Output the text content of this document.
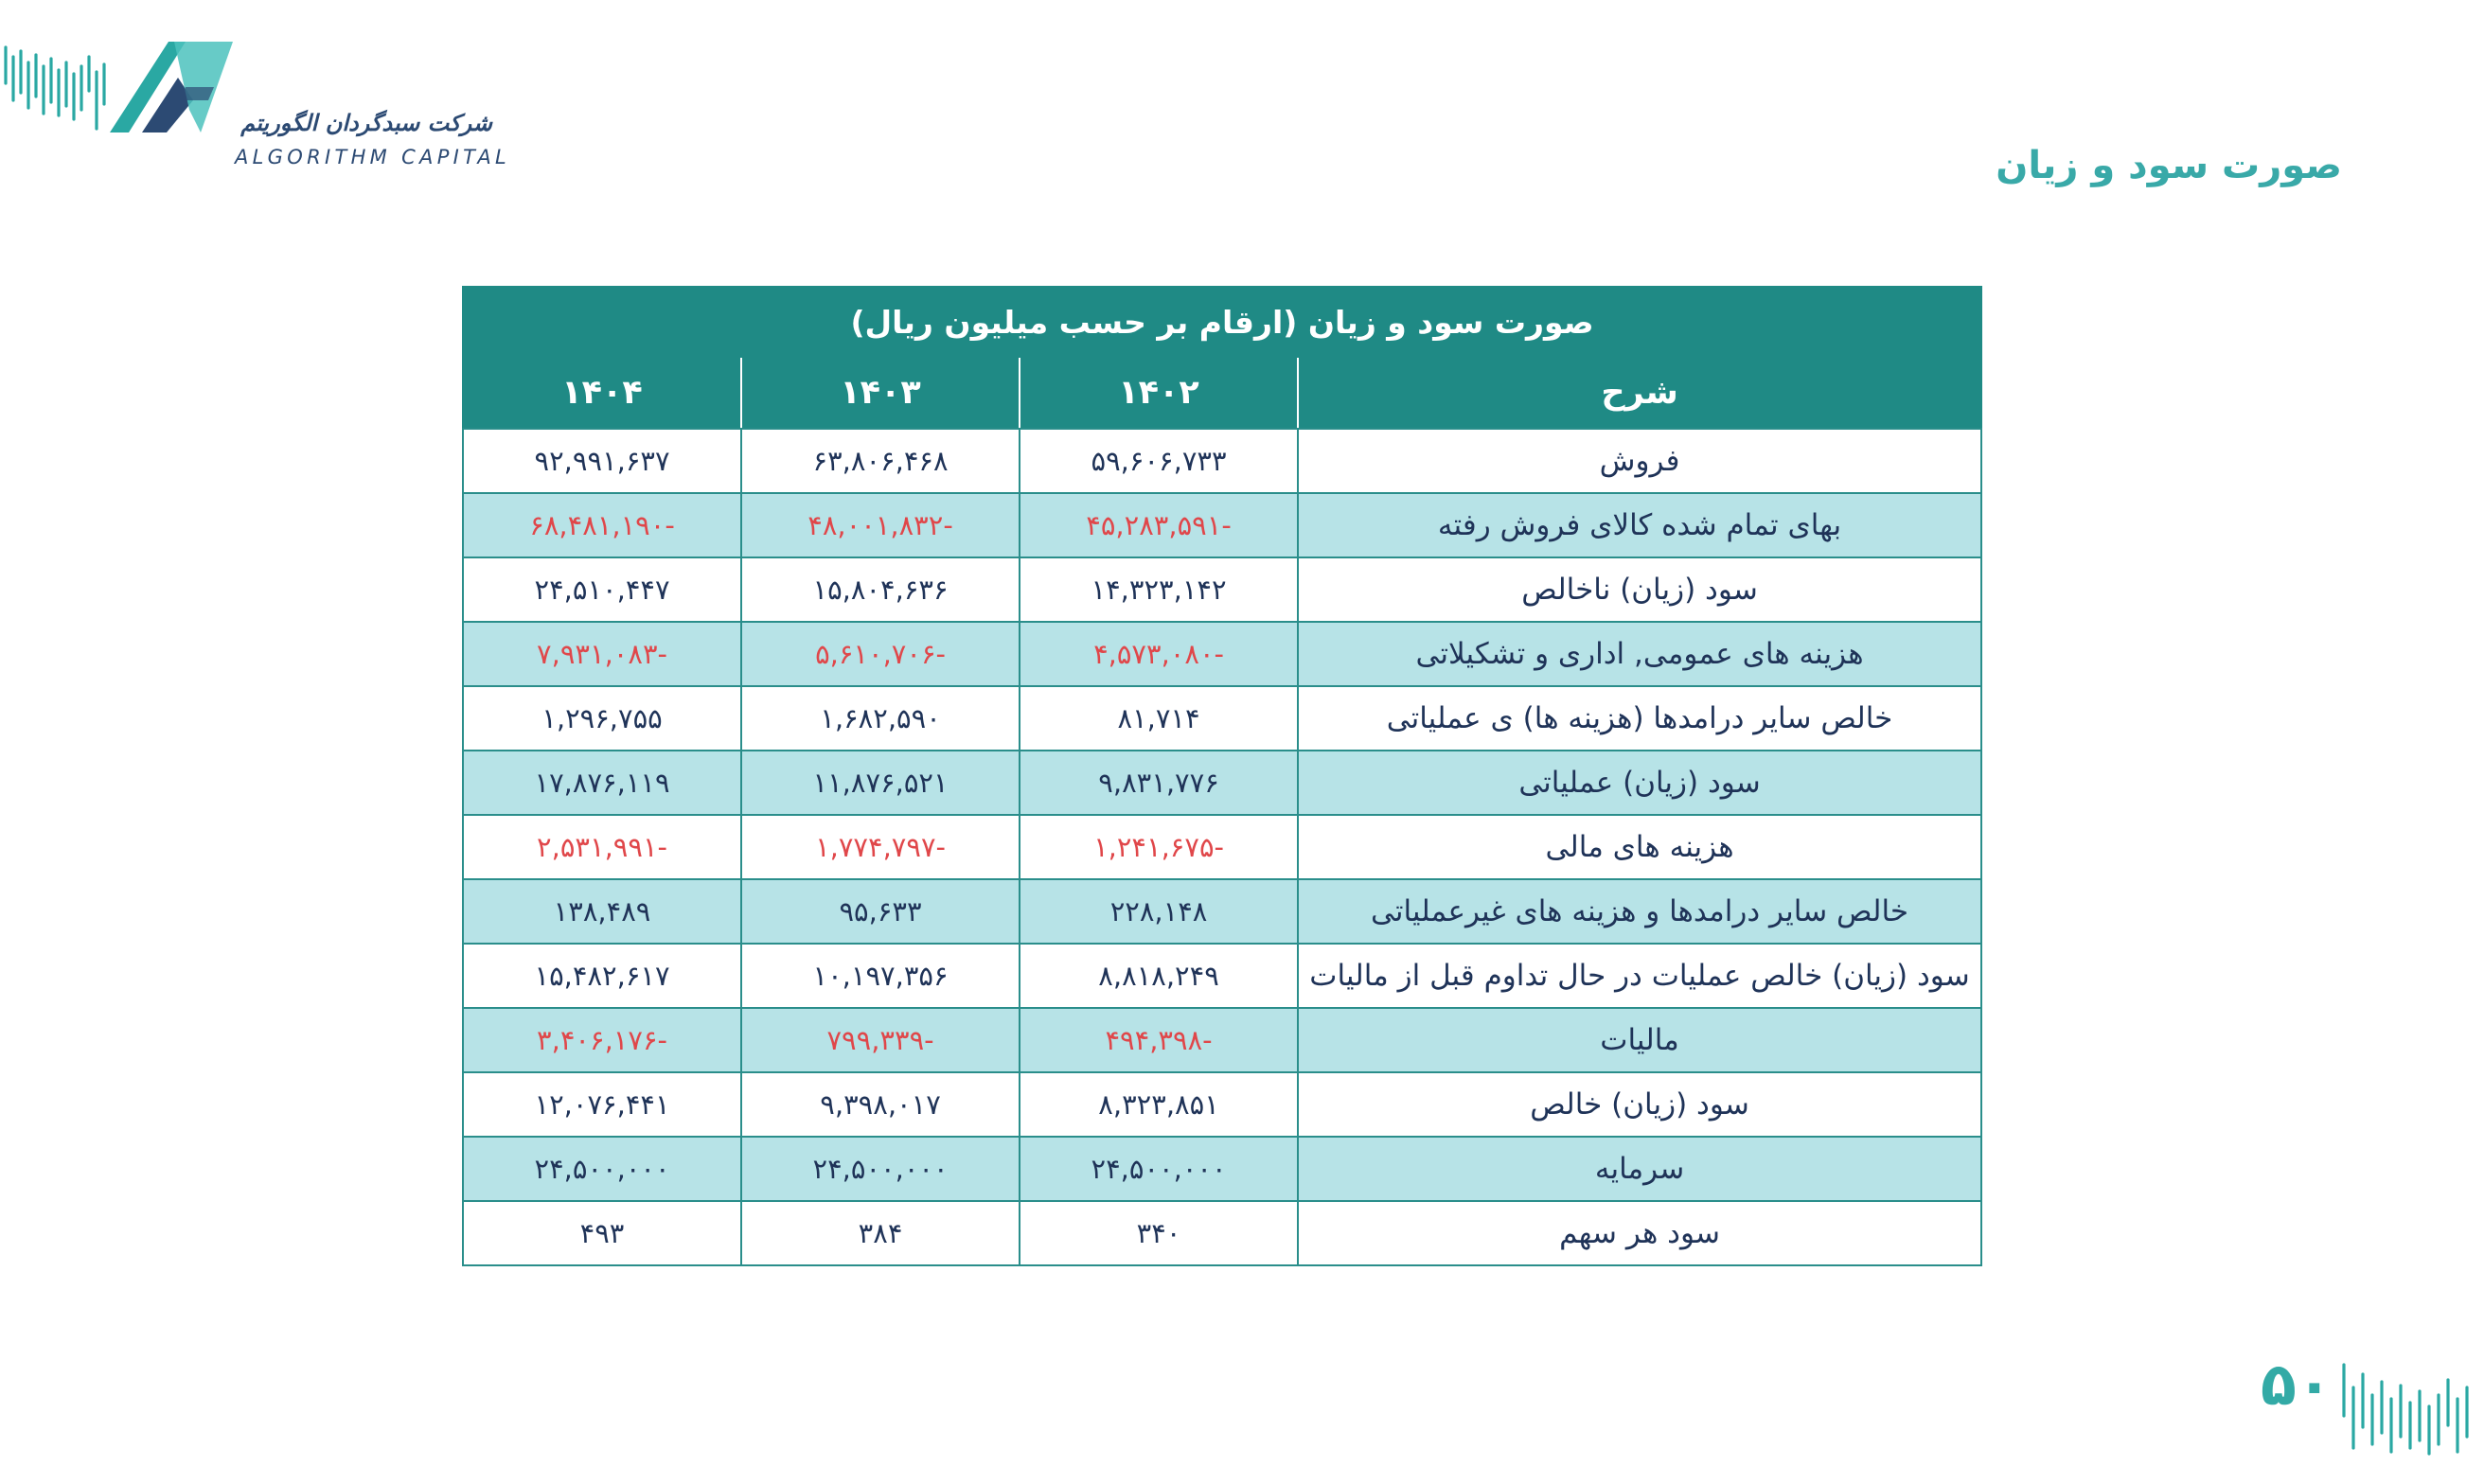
شرکت سبدگردان الگوریتم
ALGORITHM CAPITAL	صورت سود و زیان
صورت سود و زیان (ارقام بر حسب میلیون ریال)			
شرح	۱۴۰۲	۱۴۰۳	۱۴۰۴
فروش	۵۹,۶۰۶,۷۳۳	۶۳,۸۰۶,۴۶۸	۹۲,۹۹۱,۶۳۷
بهای تمام شده کالای فروش رفته	-۴۵,۲۸۳,۵۹۱	-۴۸,۰۰۱,۸۳۲	-۶۸,۴۸۱,۱۹۰
سود (زیان) ناخالص	۱۴,۳۲۳,۱۴۲	۱۵,۸۰۴,۶۳۶	۲۴,۵۱۰,۴۴۷
هزینه های عمومی, اداری و تشکیلاتی	-۴,۵۷۳,۰۸۰	-۵,۶۱۰,۷۰۶	-۷,۹۳۱,۰۸۳
خالص سایر درامدها (هزینه ها) ی عملیاتی	۸۱,۷۱۴	۱,۶۸۲,۵۹۰	۱,۲۹۶,۷۵۵
سود (زیان) عملیاتی	۹,۸۳۱,۷۷۶	۱۱,۸۷۶,۵۲۱	۱۷,۸۷۶,۱۱۹
هزینه های مالی	-۱,۲۴۱,۶۷۵	-۱,۷۷۴,۷۹۷	-۲,۵۳۱,۹۹۱
خالص سایر درامدها و هزینه های غیرعملیاتی	۲۲۸,۱۴۸	۹۵,۶۳۳	۱۳۸,۴۸۹
سود (زیان) خالص عملیات در حال تداوم قبل از مالیات	۸,۸۱۸,۲۴۹	۱۰,۱۹۷,۳۵۶	۱۵,۴۸۲,۶۱۷
مالیات	-۴۹۴,۳۹۸	-۷۹۹,۳۳۹	-۳,۴۰۶,۱۷۶
سود (زیان) خالص	۸,۳۲۳,۸۵۱	۹,۳۹۸,۰۱۷	۱۲,۰۷۶,۴۴۱
سرمایه	۲۴,۵۰۰,۰۰۰	۲۴,۵۰۰,۰۰۰	۲۴,۵۰۰,۰۰۰
سود هر سهم	۳۴۰	۳۸۴	۴۹۳
۵۰
